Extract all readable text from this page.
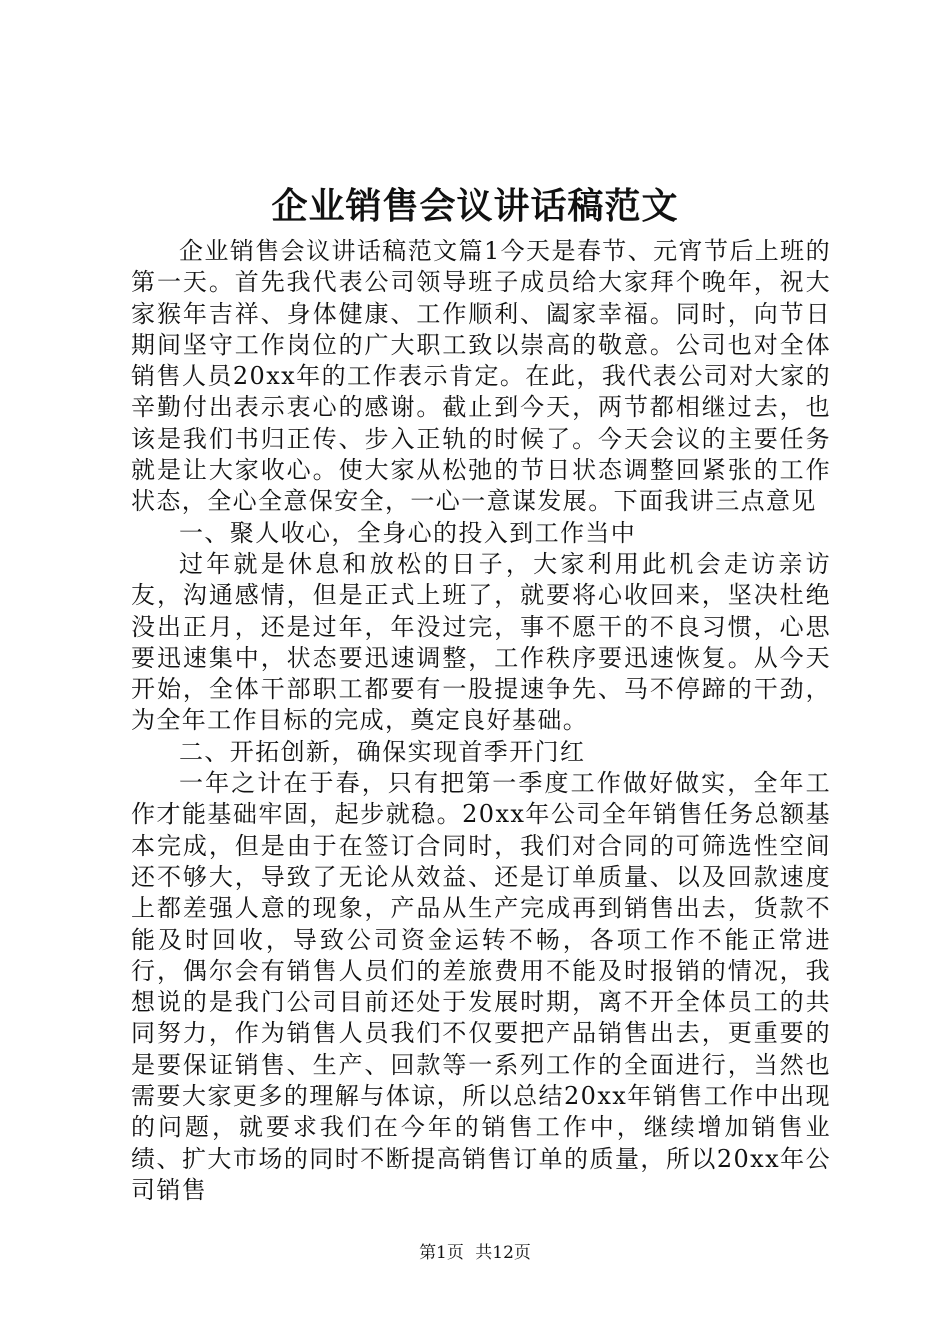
企业销售会议讲话稿范文

企业销售会议讲话稿范文篇1今天是春节、元宵节后上班的第一天。首先我代表公司领导班子成员给大家拜个晚年，祝大家猴年吉祥、身体健康、工作顺利、阖家幸福。同时，向节日期间坚守工作岗位的广大职工致以崇高的敬意。公司也对全体销售人员20xx年的工作表示肯定。在此，我代表公司对大家的辛勤付出表示衷心的感谢。截止到今天，两节都相继过去，也该是我们书归正传、步入正轨的时候了。今天会议的主要任务就是让大家收心。使大家从松弛的节日状态调整回紧张的工作状态，全心全意保安全，一心一意谋发展。下面我讲三点意见

一、聚人收心，全身心的投入到工作当中

过年就是休息和放松的日子，大家利用此机会走访亲访友，沟通感情，但是正式上班了，就要将心收回来，坚决杜绝没出正月，还是过年，年没过完，事不愿干的不良习惯，心思要迅速集中，状态要迅速调整，工作秩序要迅速恢复。从今天开始，全体干部职工都要有一股提速争先、马不停蹄的干劲，为全年工作目标的完成，奠定良好基础。

二、开拓创新，确保实现首季开门红

一年之计在于春，只有把第一季度工作做好做实，全年工作才能基础牢固，起步就稳。20xx年公司全年销售任务总额基本完成，但是由于在签订合同时，我们对合同的可筛选性空间还不够大，导致了无论从效益、还是订单质量、以及回款速度上都差强人意的现象，产品从生产完成再到销售出去，货款不能及时回收，导致公司资金运转不畅，各项工作不能正常进行，偶尔会有销售人员们的差旅费用不能及时报销的情况，我想说的是我门公司目前还处于发展时期，离不开全体员工的共同努力，作为销售人员我们不仅要把产品销售出去，更重要的是要保证销售、生产、回款等一系列工作的全面进行，当然也需要大家更多的理解与体谅，所以总结20xx年销售工作中出现的问题，就要求我们在今年的销售工作中，继续增加销售业绩、扩大市场的同时不断提高销售订单的质量，所以20xx年公司销售

第1页 共12页
